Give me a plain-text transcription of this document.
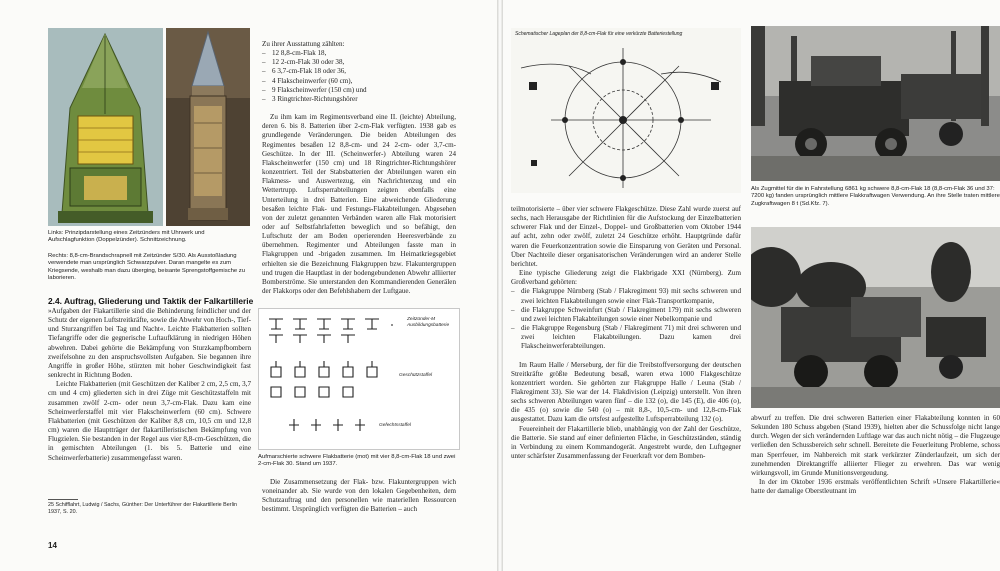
Links: Prinzipdarstellung eines Zeitzünders mit Uhrwerk und Aufschlagfunktion (Doppelzünder). Schnittzeichnung.
Rechts: 8,8-cm-Brandschrapnell mit Zeitzünder S/30. Als Ausstoßladung verwendete man ursprünglich Schwarzpulver. Daran mangelte es zum Kriegsende, weshalb man dazu überging, beisante Sprengstoffgemische zu laborieren.
2.4. Auftrag, Gliederung und Taktik der Falkartillerie

»Aufgaben der Flakartillerie sind die Behinderung feindlicher und der Schutz der eigenen Luftstreitkräfte, sowie die Abwehr von Hoch-, Tief- und Sturzangriffen bei Tag und Nacht«. Leichte Flakbatterien sollten Tiefangriffe oder die gegnerische Luftaufklärung in niedrigen Höhen abwehren. Dabei gehörte die Bekämpfung von Sturzkampfbombern zweifelsohne zu den anspruchsvollsten Aufgaben. Sie begannen ihre Angriffe in großer Höhe, stürzten mit hoher Geschwindigkeit fast senkrecht in Richtung Boden.

Leichte Flakbatterien (mit Geschützen der Kaliber 2 cm, 2,5 cm, 3,7 cm und 4 cm) gliederten sich in drei Züge mit Geschützstaffeln mit zusammen zwölf 2-cm- oder neun 3,7-cm-Flak. Dazu kam eine Scheinwerferstaffel mit vier Flakscheinwerfern (60 cm). Schwere Flakbatterien (mit Geschützen der Kaliber 8,8 cm, 10,5 cm und 12,8 cm) waren die Hauptträger der flakartilleristischen Bekämpfung von Flugzielen. Sie bestanden in der Regel aus vier 8,8-cm-Geschützen, die in gemischten Abteilungen (1. bis 5. Batterie und eine Scheinwerferbatterie) zusammengefasst waren.

25 Schifflahrt, Ludwig / Sachs, Günther: Der Unterführer der Flakartillerie Berlin 1937, S. 20.
14

Zu ihrer Ausstattung zählten:

– 12 8,8-cm-Flak 18,
– 12 2-cm-Flak 30 oder 38,
– 6 3,7-cm-Flak 18 oder 36,
– 4 Flakscheinwerfer (60 cm),
– 9 Flakscheinwerfer (150 cm) und
– 3 Ringtrichter-Richtungshörer

Zu ihm kam im Regimentsverband eine II. (leichte) Abteilung, deren 6. bis 8. Batterien über 2-cm-Flak verfügten. 1938 gab es grundlegende Veränderungen. Die beiden Abteilungen des Regimentes besaßen 12 8,8-cm- und 24 2-cm- oder 3,7-cm-Geschütze. In der III. (Scheinwerfer-) Abteilung waren 24 Flakscheinwerfer (150 cm) und 18 Ringtrichter-Richtungshörer konzentriert. Teil der Stabsbatterien der Abteilungen waren ein Flakmess- und Auswertezug, ein Nachrichtenzug und ein Wettertrupp. Luftsperrabteilungen zeigten ebenfalls eine Unterteilung in drei Batterien. Eine abweichende Gliederung besaßen leichte Flak- und Festungs-Flakabteilungen. Abgesehen von der zuletzt genannten Verbänden waren alle Flak motorisiert oder auf Selbstfahrlafetten beweglich und so befähigt, den Luftschutz der am Boden operierenden Heeresverbände zu übernehmen. Regimenter und Abteilungen fasste man in Flakgruppen und -brigaden zusammen. Im Heimatkriegsgebiet erhielten sie die Bezeichnung Flakgruppen bzw. Flakuntergruppen und trugen die Hauptlast in der bodengebundenen Abwehr alliierter Bomberströme. Sie unterstanden den Kommandierenden Generälen der Flakkorps oder den Befehlshabern der Luftgaue.

Zeitzünder-M Ausbildungsbatterie
Geschützstaffel
Gefechtsstaffel
Aufmarschierte schwere Flakbatterie (mot) mit vier 8,8-cm-Flak 18 und zwei 2-cm-Flak 30. Stand um 1937.

Die Zusammensetzung der Flak- bzw. Flakuntergruppen wich voneinander ab. Sie wurde von den lokalen Gegebenheiten, dem Schutzauftrag und den personellen wie materiellen Ressourcen bestimmt. Ursprünglich verfügten die Batterien – auch

Schematischer Lageplan der 8,8-cm-Flak für eine verkürzte Batteriestellung

teilmotorisierte – über vier schwere Flakgeschütze. Diese Zahl wurde zuerst auf sechs, nach Herausgabe der Richtlinien für die Aufstockung der Einzelbatterien schwerer Flak und der Einzel-, Doppel- und Großbatterien vom Oktober 1944 auf acht, zehn oder zwölf, zuletzt 24 Geschütze erhöht. Hauptgründe dafür waren die Feuerkonzentration sowie die Einsparung von Geräten und Personal. Über Nachteile dieser organisatorischen Veränderungen wird an anderer Stelle berichtet.

Eine typische Gliederung zeigt die Flakbrigade XXI (Nürnberg). Zum Großverband gehörten:

– die Flakgruppe Nürnberg (Stab / Flakregiment 93) mit sechs schweren und zwei leichten Flakabteilungen sowie einer Flak-Transportkompanie,
– die Flakgruppe Schweinfurt (Stab / Flakregiment 179) mit sechs schweren und zwei leichten Flakabteilungen sowie einer Nebelkompanie und
– die Flakgruppe Regensburg (Stab / Flakregiment 71) mit drei schweren und zwei leichten Flakabteilungen. Dazu kamen drei Flakscheinwerferabteilungen.

Im Raum Halle / Merseburg, der für die Treibstoffversorgung der deutschen Streitkräfte größte Bedeutung besaß, waren etwa 1000 Flakgeschütze konzentriert worden. Sie gehörten zur Flakgruppe Halle / Leuna (Stab / Flakregiment 33). Sie war der 14. Flakdivision (Leipzig) unterstellt. Von ihren sechs schweren Abteilungen waren fünf – die 132 (o), die 145 (E), die 406 (o), die 435 (o) sowie die 540 (o) – mit 8,8-, 10,5-cm- und 12,8-cm-Flak ausgestattet. Dazu kam die ortsfest aufgestellte Luftsperrabteilung 132 (o).

Feuereinheit der Flakartillerie blieb, unabhängig von der Zahl der Geschütze, die Batterie. Sie stand auf einer definierten Fläche, in Geschützständen, ständig in Verbindung zu einem Kommandogerät. Angestrebt wurde, den Luftgegner unter schärfster Zusammenfassung der Feuerkraft vor dem Bomben-

Als Zugmittel für die in Fahrstellung 6861 kg schwere 8,8-cm-Flak 18 (8,8-cm-Flak 36 und 37: 7200 kg) fanden ursprünglich mittlere Flakkraftwagen Verwendung. An ihre Stelle traten mittlere Zugkraftwagen 8 t (Sd.Kfz. 7).

abwurf zu treffen. Die drei schweren Batterien einer Flakabteilung konnten in 60 Sekunden 180 Schuss abgeben (Stand 1939), hielten aber die Schussfolge nicht lange durch. Wegen der sich verändernden Luftlage war das auch nicht nötig – die Flugzeuge verließen den Schussbereich sehr schnell. Bereitete die Feuerleitung Probleme, schoss man Sperrfeuer, im Nahbereich mit stark verkürzter Zünderlaufzeit, um sich der zunehmenden Direktangriffe alliierter Flieger zu erwehren. Das war wenig wirkungsvoll, im Grunde Munitionsvergeudung.

In der im Oktober 1936 erstmals veröffentlichten Schrift »Unsere Flakartillerie« hatte der damalige Oberstleutnant im
